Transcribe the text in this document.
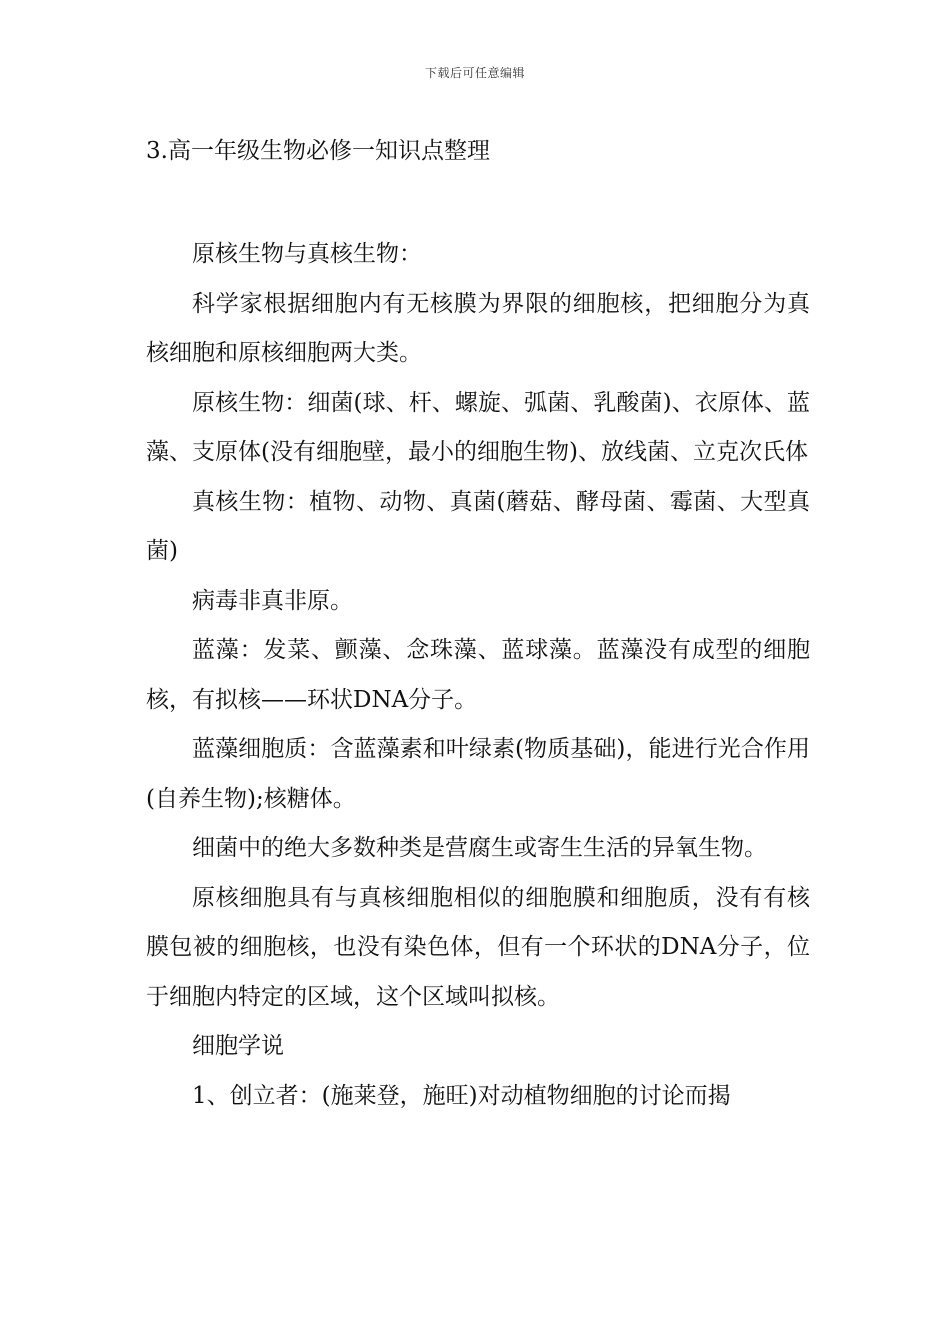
下载后可任意编辑
3.高一年级生物必修一知识点整理

原核生物与真核生物：

科学家根据细胞内有无核膜为界限的细胞核，把细胞分为真核细胞和原核细胞两大类。

原核生物：细菌(球、杆、螺旋、弧菌、乳酸菌)、衣原体、蓝藻、支原体(没有细胞壁，最小的细胞生物)、放线菌、立克次氏体

真核生物：植物、动物、真菌(蘑菇、酵母菌、霉菌、大型真菌)

病毒非真非原。

蓝藻：发菜、颤藻、念珠藻、蓝球藻。蓝藻没有成型的细胞核，有拟核——环状DNA分子。

蓝藻细胞质：含蓝藻素和叶绿素(物质基础)，能进行光合作用(自养生物);核糖体。

细菌中的绝大多数种类是营腐生或寄生生活的异氧生物。

原核细胞具有与真核细胞相似的细胞膜和细胞质，没有有核膜包被的细胞核，也没有染色体，但有一个环状的DNA分子，位于细胞内特定的区域，这个区域叫拟核。

细胞学说

1、创立者：(施莱登，施旺)对动植物细胞的讨论而揭
